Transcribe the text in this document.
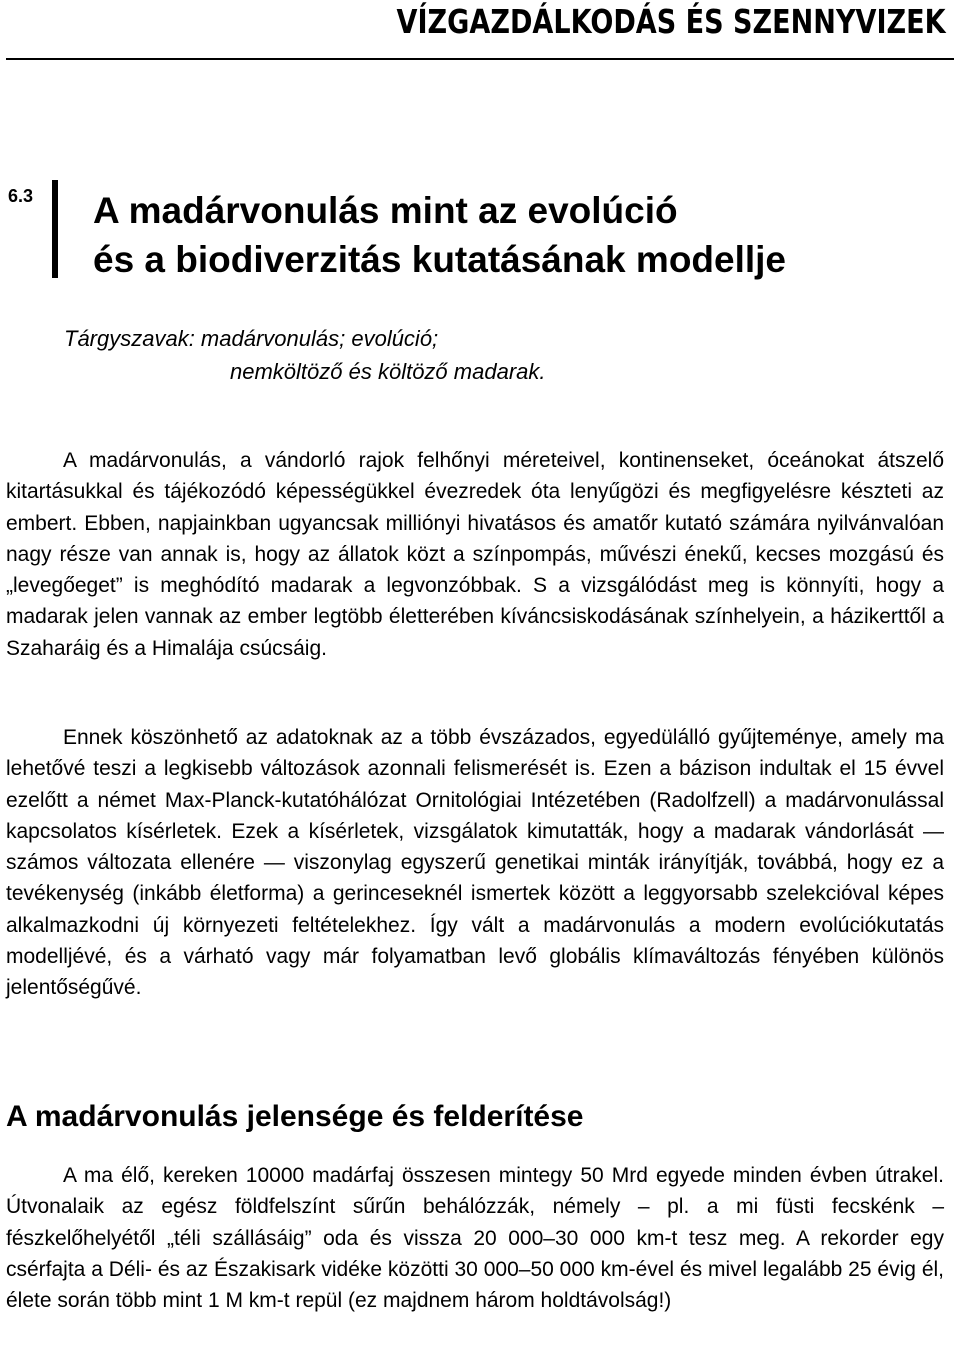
VÍZGAZDÁLKODÁS ÉS SZENNYVIZEK
6.3 A madárvonulás mint az evolúció
és a biodiverzitás kutatásának modellje
Tárgyszavak: madárvonulás; evolúció;
nemköltöző és költöző madarak.

A madárvonulás, a vándorló rajok felhőnyi méreteivel, kontinenseket, óceánokat átszelő kitartásukkal és tájékozódó képességükkel évezredek óta lenyűgözi és megfigyelésre készteti az embert. Ebben, napjainkban ugyancsak milliónyi hivatásos és amatőr kutató számára nyilvánvalóan nagy része van annak is, hogy az állatok közt a színpompás, művészi énekű, kecses mozgású és „levegőeget” is meghódító madarak a legvonzóbbak. S a vizsgálódást meg is könnyíti, hogy a madarak jelen vannak az ember legtöbb életterében kíváncsiskodásának színhelyein, a házikerttől a Szaharáig és a Himalája csúcsáig.

Ennek köszönhető az adatoknak az a több évszázados, egyedülálló gyűjteménye, amely ma lehetővé teszi a legkisebb változások azonnali felismerését is. Ezen a bázison indultak el 15 évvel ezelőtt a német Max-Planck-kutatóhálózat Ornitológiai Intézetében (Radolfzell) a madárvonulással kapcsolatos kísérletek. Ezek a kísérletek, vizsgálatok kimutatták, hogy a madarak vándorlását — számos változata ellenére — viszonylag egyszerű genetikai minták irányítják, továbbá, hogy ez a tevékenység (inkább életforma) a gerinceseknél ismertek között a leggyorsabb szelekcióval képes alkalmazkodni új környezeti feltételekhez. Így vált a madárvonulás a modern evolúciókutatás modelljévé, és a várható vagy már folyamatban levő globális klímaváltozás fényében különös jelentőségűvé.

A madárvonulás jelensége és felderítése

A ma élő, kereken 10000 madárfaj összesen mintegy 50 Mrd egyede minden évben útrakel. Útvonalaik az egész földfelszínt sűrűn behálózzák, némely – pl. a mi füsti fecskénk – fészkelőhelyétől „téli szállásáig” oda és vissza 20 000–30 000 km-t tesz meg. A rekorder egy csérfajta a Déli- és az Északisark vidéke közötti 30 000–50 000 km-ével és mivel legalább 25 évig él, élete során több mint 1 M km-t repül (ez majdnem három holdtávolság!)
